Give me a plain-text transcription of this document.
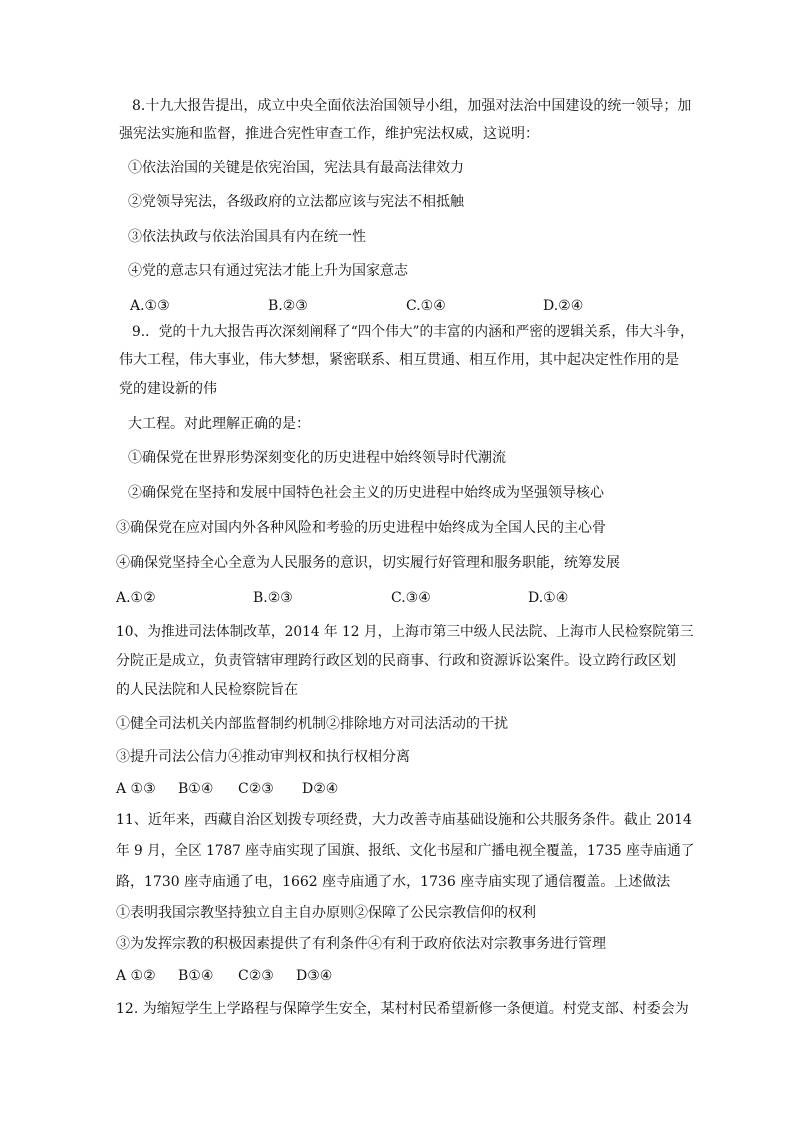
8.十九大报告提出，成立中央全面依法治国领导小组，加强对法治中国建设的统一领导；加
强宪法实施和监督，推进合宪性审查工作，维护宪法权威，这说明：
①依法治国的关键是依宪治国，宪法具有最高法律效力
②党领导宪法，各级政府的立法都应该与宪法不相抵触
③依法执政与依法治国具有内在统一性
④党的意志只有通过宪法才能上升为国家意志
A.①③	B.②③	C.①④	D.②④
9.．党的十九大报告再次深刻阐释了“四个伟大”的丰富的内涵和严密的逻辑关系，伟大斗争，
伟大工程，伟大事业，伟大梦想，紧密联系、相互贯通、相互作用，其中起决定性作用的是
党的建设新的伟
大工程。对此理解正确的是：
①确保党在世界形势深刻变化的历史进程中始终领导时代潮流
②确保党在坚持和发展中国特色社会主义的历史进程中始终成为坚强领导核心
③确保党在应对国内外各种风险和考验的历史进程中始终成为全国人民的主心骨
④确保党坚持全心全意为人民服务的意识，切实履行好管理和服务职能，统筹发展
A.①②	B.②③	C.③④	D.①④
10、为推进司法体制改革，2014 年 12 月，上海市第三中级人民法院、上海市人民检察院第三
分院正是成立，负责管辖审理跨行政区划的民商事、行政和资源诉讼案件。设立跨行政区划
的人民法院和人民检察院旨在
①健全司法机关内部监督制约机制②排除地方对司法活动的干扰
③提升司法公信力④推动审判权和执行权相分离
A ①③ B①④ C②③ D②④
11、近年来，西藏自治区划拨专项经费，大力改善寺庙基础设施和公共服务条件。截止 2014
年 9 月，全区 1787 座寺庙实现了国旗、报纸、文化书屋和广播电视全覆盖，1735 座寺庙通了
路，1730 座寺庙通了电，1662 座寺庙通了水，1736 座寺庙实现了通信覆盖。上述做法
①表明我国宗教坚持独立自主自办原则②保障了公民宗教信仰的权利
③为发挥宗教的积极因素提供了有利条件④有利于政府依法对宗教事务进行管理
A ①② B①④ C②③ D③④
12. 为缩短学生上学路程与保障学生安全，某村村民希望新修一条便道。村党支部、村委会为
